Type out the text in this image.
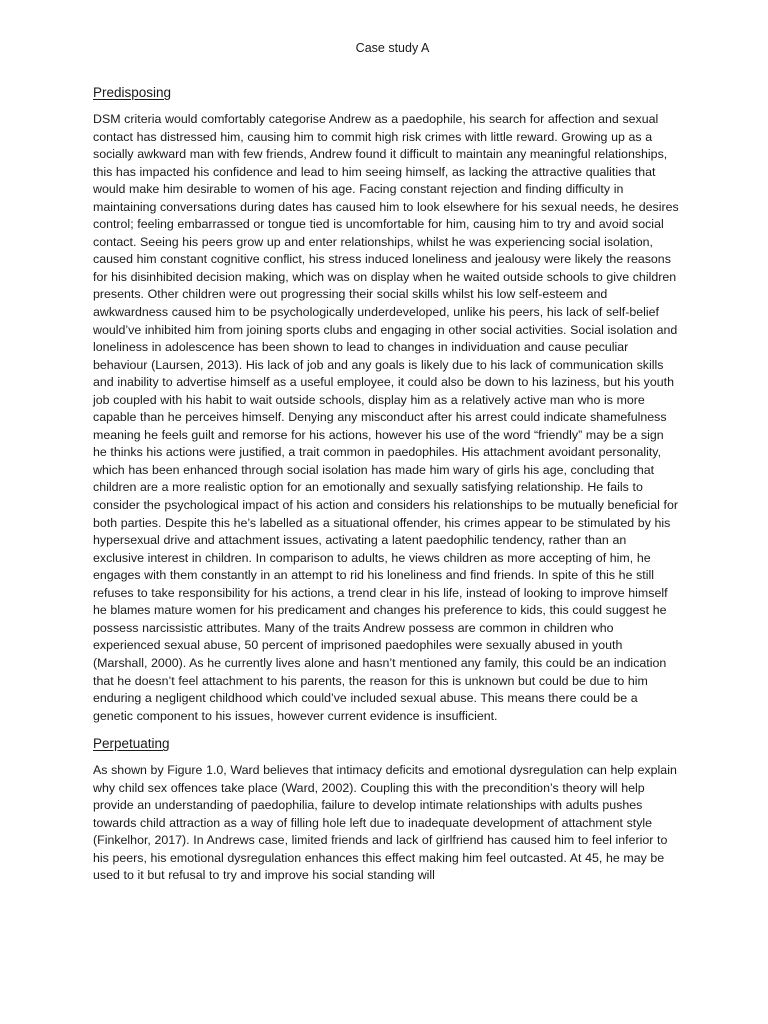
Case study A
Predisposing

DSM criteria would comfortably categorise Andrew as a paedophile, his search for affection and sexual contact has distressed him, causing him to commit high risk crimes with little reward. Growing up as a socially awkward man with few friends, Andrew found it difficult to maintain any meaningful relationships, this has impacted his confidence and lead to him seeing himself, as lacking the attractive qualities that would make him desirable to women of his age. Facing constant rejection and finding difficulty in maintaining conversations during dates has caused him to look elsewhere for his sexual needs, he desires control; feeling embarrassed or tongue tied is uncomfortable for him, causing him to try and avoid social contact. Seeing his peers grow up and enter relationships, whilst he was experiencing social isolation, caused him constant cognitive conflict, his stress induced loneliness and jealousy were likely the reasons for his disinhibited decision making, which was on display when he waited outside schools to give children presents. Other children were out progressing their social skills whilst his low self-esteem and awkwardness caused him to be psychologically underdeveloped, unlike his peers, his lack of self-belief would’ve inhibited him from joining sports clubs and engaging in other social activities. Social isolation and loneliness in adolescence has been shown to lead to changes in individuation and cause peculiar behaviour (Laursen, 2013). His lack of job and any goals is likely due to his lack of communication skills and inability to advertise himself as a useful employee, it could also be down to his laziness, but his youth job coupled with his habit to wait outside schools, display him as a relatively active man who is more capable than he perceives himself. Denying any misconduct after his arrest could indicate shamefulness meaning he feels guilt and remorse for his actions, however his use of the word “friendly” may be a sign he thinks his actions were justified, a trait common in paedophiles. His attachment avoidant personality, which has been enhanced through social isolation has made him wary of girls his age, concluding that children are a more realistic option for an emotionally and sexually satisfying relationship. He fails to consider the psychological impact of his action and considers his relationships to be mutually beneficial for both parties. Despite this he’s labelled as a situational offender, his crimes appear to be stimulated by his hypersexual drive and attachment issues, activating a latent paedophilic tendency, rather than an exclusive interest in children. In comparison to adults, he views children as more accepting of him, he engages with them constantly in an attempt to rid his loneliness and find friends. In spite of this he still refuses to take responsibility for his actions, a trend clear in his life, instead of looking to improve himself he blames mature women for his predicament and changes his preference to kids, this could suggest he possess narcissistic attributes. Many of the traits Andrew possess are common in children who experienced sexual abuse, 50 percent of imprisoned paedophiles were sexually abused in youth (Marshall, 2000). As he currently lives alone and hasn’t mentioned any family, this could be an indication that he doesn’t feel attachment to his parents, the reason for this is unknown but could be due to him enduring a negligent childhood which could’ve included sexual abuse. This means there could be a genetic component to his issues, however current evidence is insufficient.

Perpetuating

As shown by Figure 1.0, Ward believes that intimacy deficits and emotional dysregulation can help explain why child sex offences take place (Ward, 2002). Coupling this with the precondition’s theory will help provide an understanding of paedophilia, failure to develop intimate relationships with adults pushes towards child attraction as a way of filling hole left due to inadequate development of attachment style (Finkelhor, 2017). In Andrews case, limited friends and lack of girlfriend has caused him to feel inferior to his peers, his emotional dysregulation enhances this effect making him feel outcasted. At 45, he may be used to it but refusal to try and improve his social standing will
